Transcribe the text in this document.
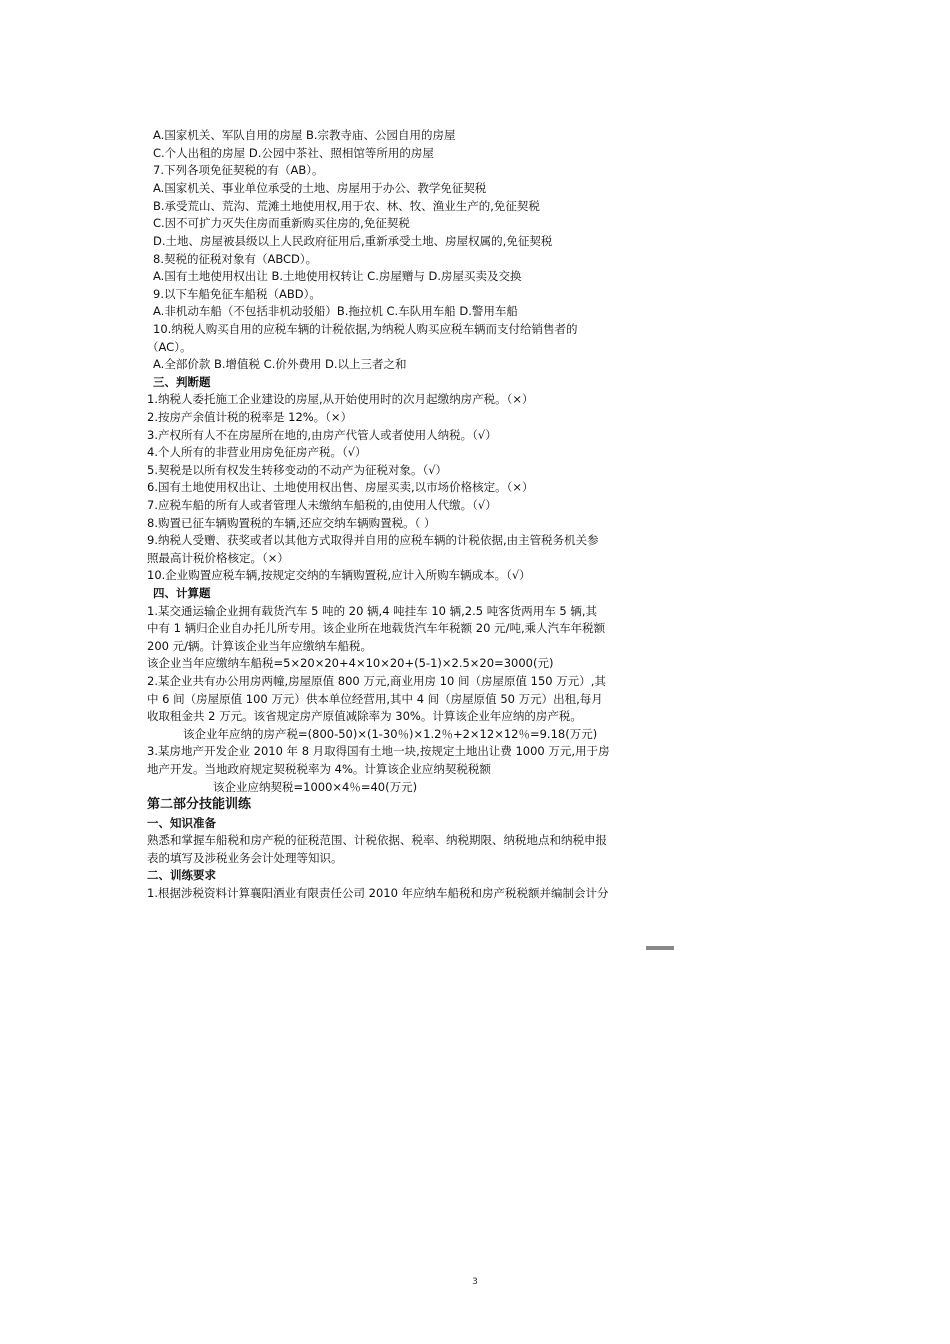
A.国家机关、军队自用的房屋 B.宗教寺庙、公园自用的房屋
C.个人出租的房屋 D.公园中茶社、照相馆等所用的房屋
7.下列各项免征契税的有（AB）。
A.国家机关、事业单位承受的土地、房屋用于办公、教学免征契税
B.承受荒山、荒沟、荒滩土地使用权,用于农、林、牧、渔业生产的,免征契税
C.因不可扩力灭失住房而重新购买住房的,免征契税
D.土地、房屋被县级以上人民政府征用后,重新承受土地、房屋权属的,免征契税
8.契税的征税对象有（ABCD）。
A.国有土地使用权出让 B.土地使用权转让 C.房屋赠与 D.房屋买卖及交换
9.以下车船免征车船税（ABD）。
A.非机动车船（不包括非机动驳船）B.拖拉机 C.车队用车船 D.警用车船
10.纳税人购买自用的应税车辆的计税依据,为纳税人购买应税车辆而支付给销售者的
（AC）。
A.全部价款 B.增值税 C.价外费用 D.以上三者之和
三、判断题
1.纳税人委托施工企业建设的房屋,从开始使用时的次月起缴纳房产税。（×）
2.按房产余值计税的税率是 12%。（×）
3.产权所有人不在房屋所在地的,由房产代管人或者使用人纳税。（√）
4.个人所有的非营业用房免征房产税。（√）
5.契税是以所有权发生转移变动的不动产为征税对象。（√）
6.国有土地使用权出让、土地使用权出售、房屋买卖,以市场价格核定。（×）
7.应税车船的所有人或者管理人未缴纳车船税的,由使用人代缴。（√）
8.购置已征车辆购置税的车辆,还应交纳车辆购置税。（ ）
9.纳税人受赠、获奖或者以其他方式取得并自用的应税车辆的计税依据,由主管税务机关参
照最高计税价格核定。（×）
10.企业购置应税车辆,按规定交纳的车辆购置税,应计入所购车辆成本。（√）
四、计算题
1.某交通运输企业拥有载货汽车 5 吨的 20 辆,4 吨挂车 10 辆,2.5 吨客货两用车 5 辆,其
中有 1 辆归企业自办托儿所专用。该企业所在地载货汽车年税额 20 元/吨,乘人汽车年税额
200 元/辆。计算该企业当年应缴纳车船税。
该企业当年应缴纳车船税=5×20×20+4×10×20+(5-1)×2.5×20=3000(元)
2.某企业共有办公用房两幢,房屋原值 800 万元,商业用房 10 间（房屋原值 150 万元）,其
中 6 间（房屋原值 100 万元）供本单位经营用,其中 4 间（房屋原值 50 万元）出租,每月
收取租金共 2 万元。该省规定房产原值减除率为 30%。计算该企业年应纳的房产税。
该企业年应纳的房产税=(800-50)×(1-30％)×1.2％+2×12×12％=9.18(万元)
3.某房地产开发企业 2010 年 8 月取得国有土地一块,按规定土地出让费 1000 万元,用于房
地产开发。当地政府规定契税税率为 4%。计算该企业应纳契税税额
该企业应纳契税=1000×4％=40(万元)
第二部分技能训练
一、知识准备
熟悉和掌握车船税和房产税的征税范围、计税依据、税率、纳税期限、纳税地点和纳税申报
表的填写及涉税业务会计处理等知识。
二、训练要求
1.根据涉税资料计算襄阳酒业有限责任公司 2010 年应纳车船税和房产税税额并编制会计分
3
